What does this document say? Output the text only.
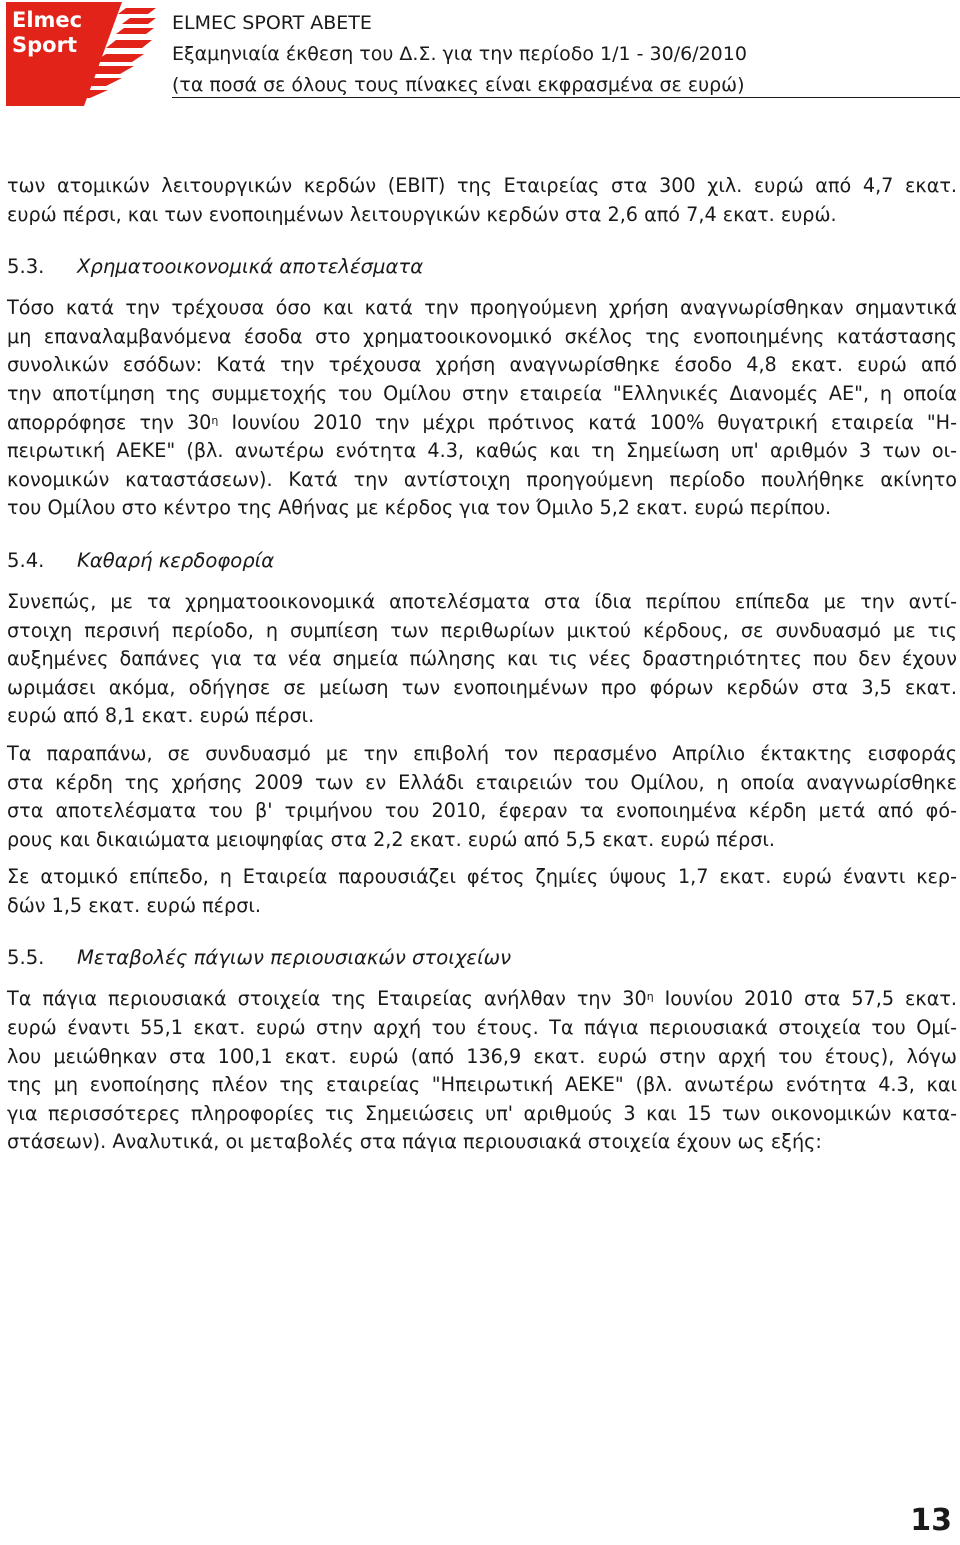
Elmec
Sport
ELMEC SPORT ABETE
Εξαμηνιαία έκθεση του Δ.Σ. για την περίοδο 1/1 - 30/6/2010
(τα ποσά σε όλους τους πίνακες είναι εκφρασμένα σε ευρώ)

των ατομικών λειτουργικών κερδών (EBIT) της Εταιρείας στα 300 χιλ. ευρώ από 4,7 εκατ.
ευρώ πέρσι, και των ενοποιημένων λειτουργικών κερδών στα 2,6 από 7,4 εκατ. ευρώ.

5.3. Χρηματοοικονομικά αποτελέσματα

Τόσο κατά την τρέχουσα όσο και κατά την προηγούμενη χρήση αναγνωρίσθηκαν σημαντικά
μη επαναλαμβανόμενα έσοδα στο χρηματοοικονομικό σκέλος της ενοποιημένης κατάστασης
συνολικών εσόδων: Κατά την τρέχουσα χρήση αναγνωρίσθηκε έσοδο 4,8 εκατ. ευρώ από
την αποτίμηση της συμμετοχής του Ομίλου στην εταιρεία "Ελληνικές Διανομές ΑΕ", η οποία
απορρόφησε την $30^\eta$ Ιουνίου 2010 την μέχρι πρότινος κατά 100% θυγατρική εταιρεία "Η-
πειρωτική ΑΕΚΕ" (βλ. ανωτέρω ενότητα 4.3, καθώς και τη Σημείωση υπ' αριθμόν 3 των οι-
κονομικών καταστάσεων). Κατά την αντίστοιχη προηγούμενη περίοδο πουλήθηκε ακίνητο
του Ομίλου στο κέντρο της Αθήνας με κέρδος για τον Όμιλο 5,2 εκατ. ευρώ περίπου.

5.4. Καθαρή κερδοφορία

Συνεπώς, με τα χρηματοοικονομικά αποτελέσματα στα ίδια περίπου επίπεδα με την αντί-
στοιχη περσινή περίοδο, η συμπίεση των περιθωρίων μικτού κέρδους, σε συνδυασμό με τις
αυξημένες δαπάνες για τα νέα σημεία πώλησης και τις νέες δραστηριότητες που δεν έχουν
ωριμάσει ακόμα, οδήγησε σε μείωση των ενοποιημένων προ φόρων κερδών στα 3,5 εκατ.
ευρώ από 8,1 εκατ. ευρώ πέρσι.

Τα παραπάνω, σε συνδυασμό με την επιβολή τον περασμένο Απρίλιο έκτακτης εισφοράς
στα κέρδη της χρήσης 2009 των εν Ελλάδι εταιρειών του Ομίλου, η οποία αναγνωρίσθηκε
στα αποτελέσματα του β' τριμήνου του 2010, έφεραν τα ενοποιημένα κέρδη μετά από φό-
ρους και δικαιώματα μειοψηφίας στα 2,2 εκατ. ευρώ από 5,5 εκατ. ευρώ πέρσι.

Σε ατομικό επίπεδο, η Εταιρεία παρουσιάζει φέτος ζημίες ύψους 1,7 εκατ. ευρώ έναντι κερ-
δών 1,5 εκατ. ευρώ πέρσι.

5.5. Μεταβολές πάγιων περιουσιακών στοιχείων

Τα πάγια περιουσιακά στοιχεία της Εταιρείας ανήλθαν την $30^\eta$ Ιουνίου 2010 στα 57,5 εκατ.
ευρώ έναντι 55,1 εκατ. ευρώ στην αρχή του έτους. Τα πάγια περιουσιακά στοιχεία του Ομί-
λου μειώθηκαν στα 100,1 εκατ. ευρώ (από 136,9 εκατ. ευρώ στην αρχή του έτους), λόγω
της μη ενοποίησης πλέον της εταιρείας "Ηπειρωτική ΑΕΚΕ" (βλ. ανωτέρω ενότητα 4.3, και
για περισσότερες πληροφορίες τις Σημειώσεις υπ' αριθμούς 3 και 15 των οικονομικών κατα-
στάσεων). Αναλυτικά, οι μεταβολές στα πάγια περιουσιακά στοιχεία έχουν ως εξής:

13
